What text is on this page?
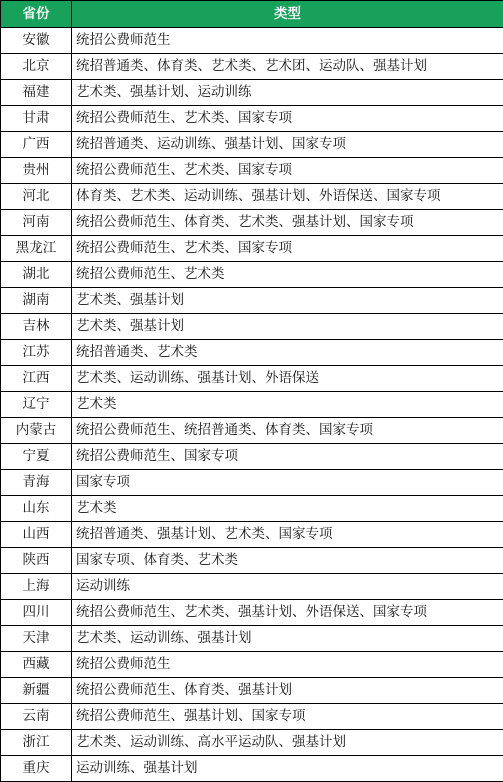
省份	类型
安徽	统招公费师范生
北京	统招普通类、体育类、艺术类、艺术团、运动队、强基计划
福建	艺术类、强基计划、运动训练
甘肃	统招公费师范生、艺术类、国家专项
广西	统招普通类、运动训练、强基计划、国家专项
贵州	统招公费师范生、艺术类、国家专项
河北	体育类、艺术类、运动训练、强基计划、外语保送、国家专项
河南	统招公费师范生、体育类、艺术类、强基计划、国家专项
黑龙江	统招公费师范生、艺术类、国家专项
湖北	统招公费师范生、艺术类
湖南	艺术类、强基计划
吉林	艺术类、强基计划
江苏	统招普通类、艺术类
江西	艺术类、运动训练、强基计划、外语保送
辽宁	艺术类
内蒙古	统招公费师范生、统招普通类、体育类、国家专项
宁夏	统招公费师范生、国家专项
青海	国家专项
山东	艺术类
山西	统招普通类、强基计划、艺术类、国家专项
陕西	国家专项、体育类、艺术类
上海	运动训练
四川	统招公费师范生、艺术类、强基计划、外语保送、国家专项
天津	艺术类、运动训练、强基计划
西藏	统招公费师范生
新疆	统招公费师范生、体育类、强基计划
云南	统招公费师范生、强基计划、国家专项
浙江	艺术类、运动训练、高水平运动队、强基计划
重庆	运动训练、强基计划
